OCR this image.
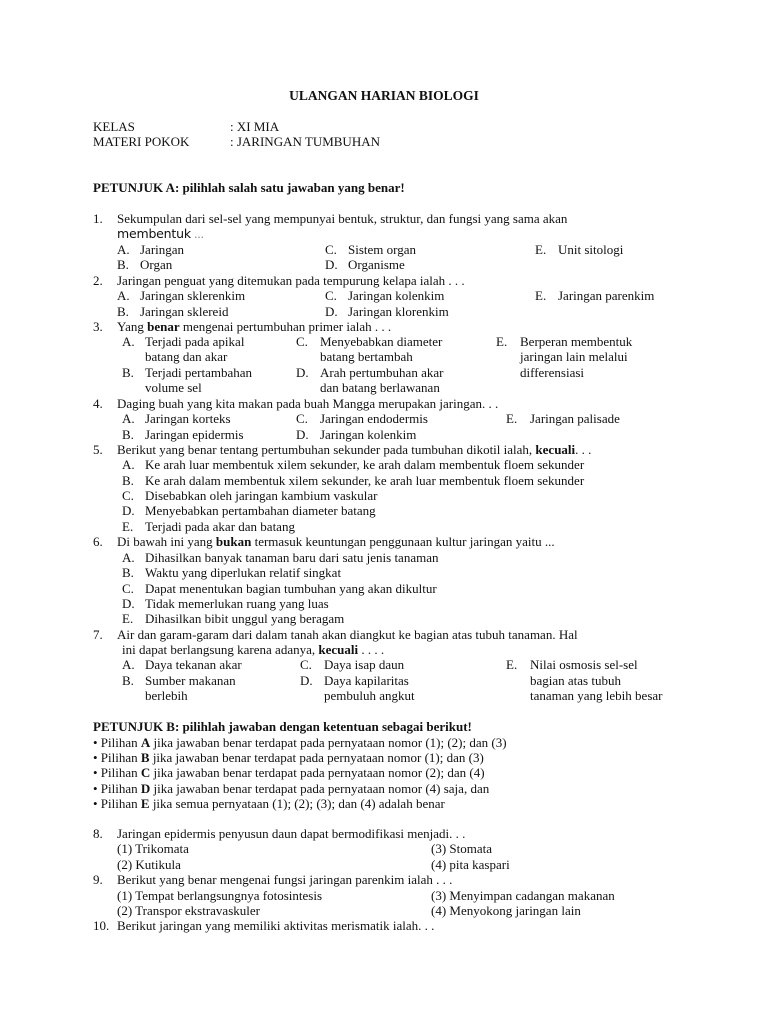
ULANGAN HARIAN BIOLOGI
KELAS	: XI MIA
MATERI POKOK	: JARINGAN TUMBUHAN
PETUNJUK A: pilihlah salah satu jawaban yang benar!
1. Sekumpulan dari sel-sel yang mempunyai bentuk, struktur, dan fungsi yang sama akan
membentuk ...
A. Jaringan
B. Organ
C. Sistem organ
D. Organisme
E. Unit sitologi
2. Jaringan penguat yang ditemukan pada tempurung kelapa ialah . . .
A. Jaringan sklerenkim
B. Jaringan sklereid
C. Jaringan kolenkim
D. Jaringan klorenkim
E. Jaringan parenkim
3. Yang benar mengenai pertumbuhan primer ialah . . .
A. Terjadi pada apikal
batang dan akar
B. Terjadi pertambahan
volume sel
C. Menyebabkan diameter
batang bertambah
D. Arah pertumbuhan akar
dan batang berlawanan
E. Berperan membentuk
jaringan lain melalui
differensiasi
4. Daging buah yang kita makan pada buah Mangga merupakan jaringan. . .
A. Jaringan korteks
B. Jaringan epidermis
C. Jaringan endodermis
D. Jaringan kolenkim
E. Jaringan palisade
5. Berikut yang benar tentang pertumbuhan sekunder pada tumbuhan dikotil ialah, kecuali. . .
A. Ke arah luar membentuk xilem sekunder, ke arah dalam membentuk floem sekunder
B. Ke arah dalam membentuk xilem sekunder, ke arah luar membentuk floem sekunder
C. Disebabkan oleh jaringan kambium vaskular
D. Menyebabkan pertambahan diameter batang
E. Terjadi pada akar dan batang
6. Di bawah ini yang bukan termasuk keuntungan penggunaan kultur jaringan yaitu ...
A. Dihasilkan banyak tanaman baru dari satu jenis tanaman
B. Waktu yang diperlukan relatif singkat
C. Dapat menentukan bagian tumbuhan yang akan dikultur
D. Tidak memerlukan ruang yang luas
E. Dihasilkan bibit unggul yang beragam
7. Air dan garam-garam dari dalam tanah akan diangkut ke bagian atas tubuh tanaman. Hal
ini dapat berlangsung karena adanya, kecuali . . . .
A. Daya tekanan akar
B. Sumber makanan
berlebih
C. Daya isap daun
D. Daya kapilaritas
pembuluh angkut
E. Nilai osmosis sel-sel
bagian atas tubuh
tanaman yang lebih besar
PETUNJUK B: pilihlah jawaban dengan ketentuan sebagai berikut!
• Pilihan A jika jawaban benar terdapat pada pernyataan nomor (1); (2); dan (3)
• Pilihan B jika jawaban benar terdapat pada pernyataan nomor (1); dan (3)
• Pilihan C jika jawaban benar terdapat pada pernyataan nomor (2); dan (4)
• Pilihan D jika jawaban benar terdapat pada pernyataan nomor (4) saja, dan
• Pilihan E jika semua pernyataan (1); (2); (3); dan (4) adalah benar
8. Jaringan epidermis penyusun daun dapat bermodifikasi menjadi. . .
(1) Trikomata
(2) Kutikula
(3) Stomata
(4) pita kaspari
9. Berikut yang benar mengenai fungsi jaringan parenkim ialah . . .
(1) Tempat berlangsungnya fotosintesis
(2) Transpor ekstravaskuler
(3) Menyimpan cadangan makanan
(4) Menyokong jaringan lain
10. Berikut jaringan yang memiliki aktivitas merismatik ialah. . .
